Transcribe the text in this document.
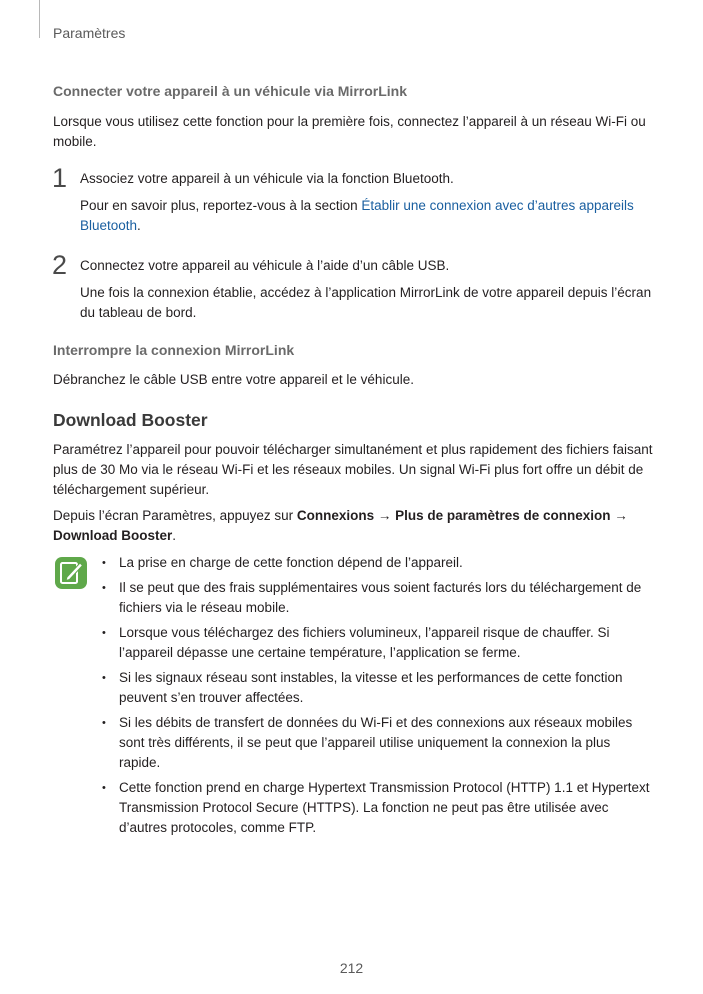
Paramètres
Connecter votre appareil à un véhicule via MirrorLink
Lorsque vous utilisez cette fonction pour la première fois, connectez l’appareil à un réseau Wi-Fi ou mobile.
1 Associez votre appareil à un véhicule via la fonction Bluetooth.
Pour en savoir plus, reportez-vous à la section Établir une connexion avec d’autres appareils Bluetooth.
2 Connectez votre appareil au véhicule à l’aide d’un câble USB.
Une fois la connexion établie, accédez à l’application MirrorLink de votre appareil depuis l’écran du tableau de bord.
Interrompre la connexion MirrorLink
Débranchez le câble USB entre votre appareil et le véhicule.
Download Booster
Paramétrez l’appareil pour pouvoir télécharger simultanément et plus rapidement des fichiers faisant plus de 30 Mo via le réseau Wi-Fi et les réseaux mobiles. Un signal Wi-Fi plus fort offre un débit de téléchargement supérieur.
Depuis l’écran Paramètres, appuyez sur Connexions → Plus de paramètres de connexion → Download Booster.
• La prise en charge de cette fonction dépend de l’appareil.
• Il se peut que des frais supplémentaires vous soient facturés lors du téléchargement de fichiers via le réseau mobile.
• Lorsque vous téléchargez des fichiers volumineux, l’appareil risque de chauffer. Si l’appareil dépasse une certaine température, l’application se ferme.
• Si les signaux réseau sont instables, la vitesse et les performances de cette fonction peuvent s’en trouver affectées.
• Si les débits de transfert de données du Wi-Fi et des connexions aux réseaux mobiles sont très différents, il se peut que l’appareil utilise uniquement la connexion la plus rapide.
• Cette fonction prend en charge Hypertext Transmission Protocol (HTTP) 1.1 et Hypertext Transmission Protocol Secure (HTTPS). La fonction ne peut pas être utilisée avec d’autres protocoles, comme FTP.
212
